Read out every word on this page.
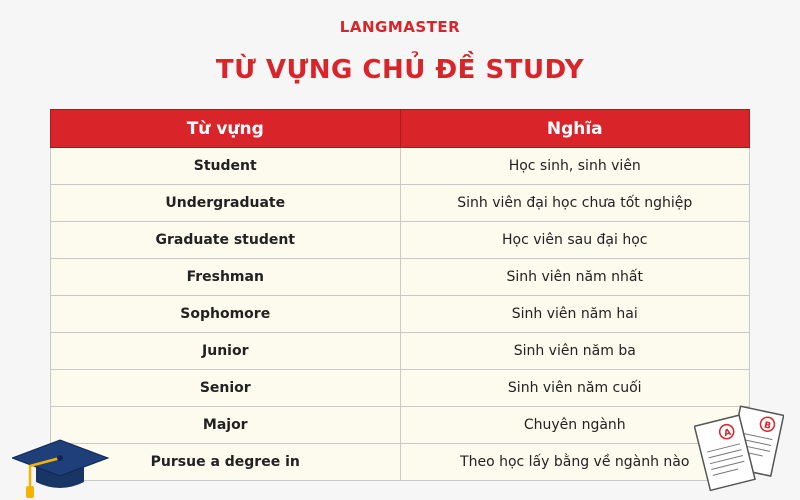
LANGMASTER
TỪ VỰNG CHỦ ĐỀ STUDY
Từ vựng	Nghĩa
Student	Học sinh, sinh viên
Undergraduate	Sinh viên đại học chưa tốt nghiệp
Graduate student	Học viên sau đại học
Freshman	Sinh viên năm nhất
Sophomore	Sinh viên năm hai
Junior	Sinh viên năm ba
Senior	Sinh viên năm cuối
Major	Chuyên ngành
Pursue a degree in	Theo học lấy bằng về ngành nào
B
A
